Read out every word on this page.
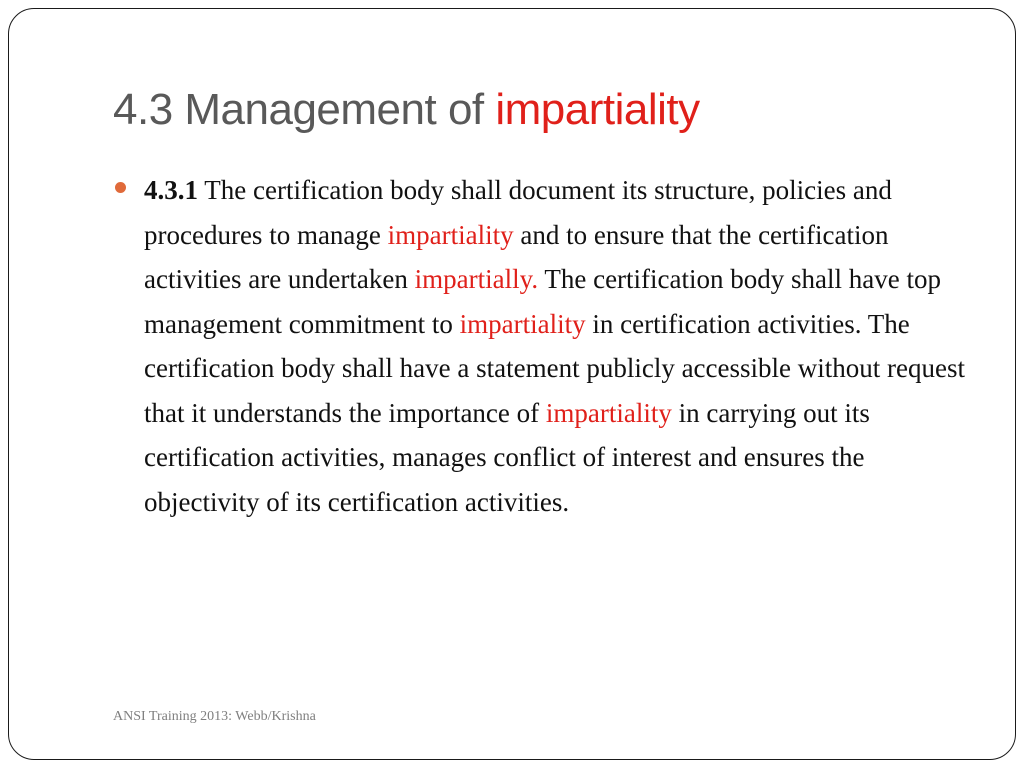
4.3 Management of impartiality

4.3.1 The certification body shall document its structure, policies and procedures to manage impartiality and to ensure that the certification activities are undertaken impartially. The certification body shall have top management commitment to impartiality in certification activities. The certification body shall have a statement publicly accessible without request that it understands the importance of impartiality in carrying out its certification activities, manages conflict of interest and ensures the objectivity of its certification activities.

ANSI Training 2013: Webb/Krishna
